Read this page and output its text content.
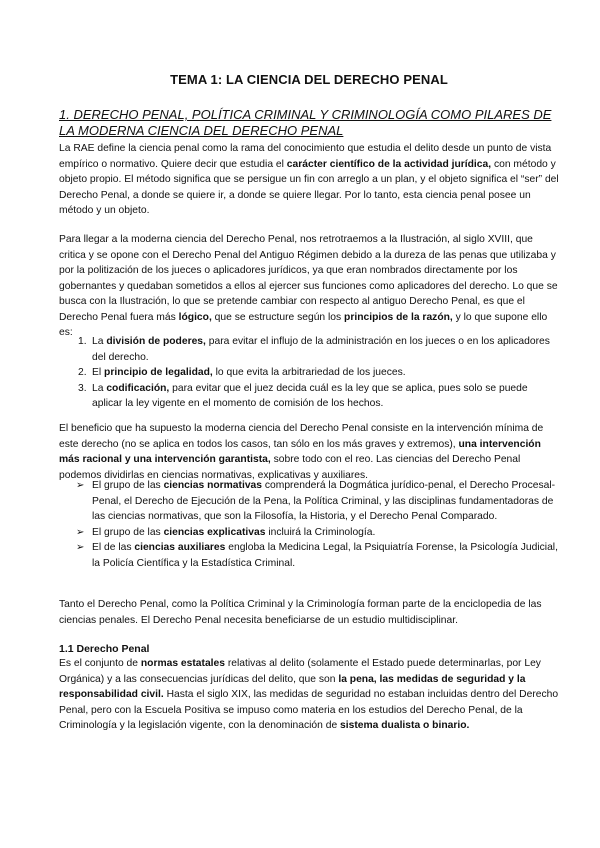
TEMA 1: LA CIENCIA DEL DERECHO PENAL
1. DERECHO PENAL, POLÍTICA CRIMINAL Y CRIMINOLOGÍA COMO PILARES DE LA MODERNA CIENCIA DEL DERECHO PENAL

La RAE define la ciencia penal como la rama del conocimiento que estudia el delito desde un punto de vista empírico o normativo. Quiere decir que estudia el carácter científico de la actividad jurídica, con método y objeto propio. El método significa que se persigue un fin con arreglo a un plan, y el objeto significa el “ser” del Derecho Penal, a donde se quiere ir, a donde se quiere llegar. Por lo tanto, esta ciencia penal posee un método y un objeto.

Para llegar a la moderna ciencia del Derecho Penal, nos retrotraemos a la Ilustración, al siglo XVIII, que critica y se opone con el Derecho Penal del Antiguo Régimen debido a la dureza de las penas que utilizaba y por la politización de los jueces o aplicadores jurídicos, ya que eran nombrados directamente por los gobernantes y quedaban sometidos a ellos al ejercer sus funciones como aplicadores del derecho. Lo que se busca con la Ilustración, lo que se pretende cambiar con respecto al antiguo Derecho Penal, es que el Derecho Penal fuera más lógico, que se estructure según los principios de la razón, y lo que supone ello es:

1. La división de poderes, para evitar el influjo de la administración en los jueces o en los aplicadores del derecho.
2. El principio de legalidad, lo que evita la arbitrariedad de los jueces.
3. La codificación, para evitar que el juez decida cuál es la ley que se aplica, pues solo se puede aplicar la ley vigente en el momento de comisión de los hechos.

El beneficio que ha supuesto la moderna ciencia del Derecho Penal consiste en la intervención mínima de este derecho (no se aplica en todos los casos, tan sólo en los más graves y extremos), una intervención más racional y una intervención garantista, sobre todo con el reo. Las ciencias del Derecho Penal podemos dividirlas en ciencias normativas, explicativas y auxiliares.

➢ El grupo de las ciencias normativas comprenderá la Dogmática jurídico-penal, el Derecho Procesal-Penal, el Derecho de Ejecución de la Pena, la Política Criminal, y las disciplinas fundamentadoras de las ciencias normativas, que son la Filosofía, la Historia, y el Derecho Penal Comparado.
➢ El grupo de las ciencias explicativas incluirá la Criminología.
➢ El de las ciencias auxiliares engloba la Medicina Legal, la Psiquiatría Forense, la Psicología Judicial, la Policía Científica y la Estadística Criminal.

Tanto el Derecho Penal, como la Política Criminal y la Criminología forman parte de la enciclopedia de las ciencias penales. El Derecho Penal necesita beneficiarse de un estudio multidisciplinar.

1.1 Derecho Penal

Es el conjunto de normas estatales relativas al delito (solamente el Estado puede determinarlas, por Ley Orgánica) y a las consecuencias jurídicas del delito, que son la pena, las medidas de seguridad y la responsabilidad civil. Hasta el siglo XIX, las medidas de seguridad no estaban incluidas dentro del Derecho Penal, pero con la Escuela Positiva se impuso como materia en los estudios del Derecho Penal, de la Criminología y la legislación vigente, con la denominación de sistema dualista o binario.
